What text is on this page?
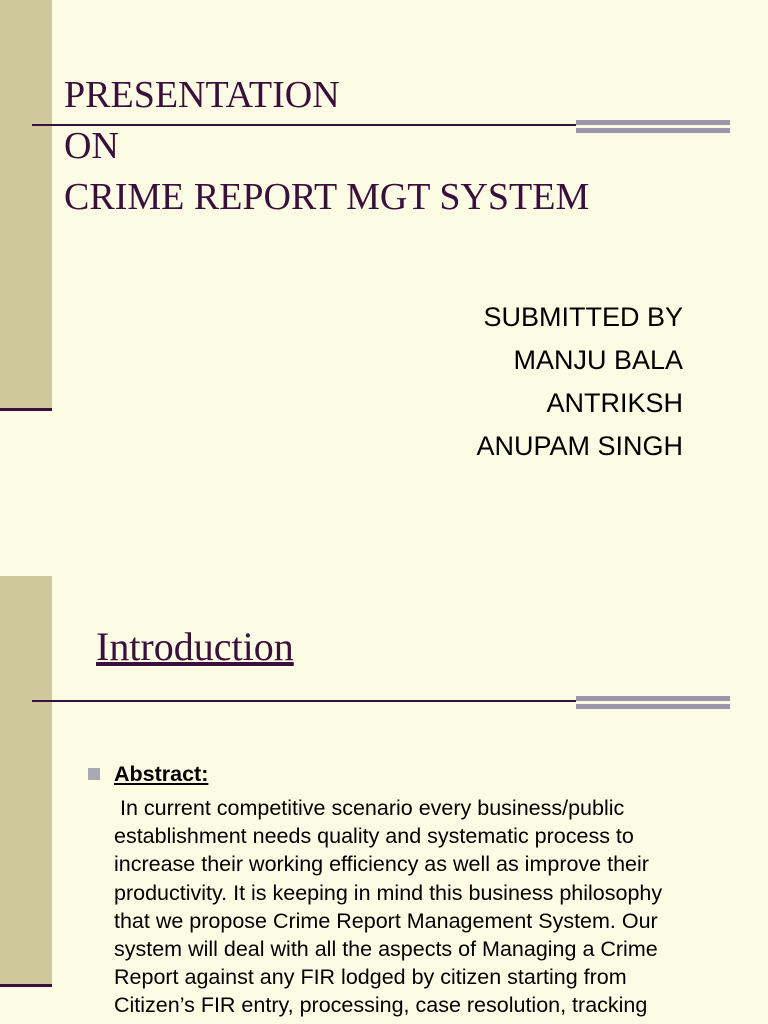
PRESENTATION
ON
CRIME REPORT MGT SYSTEM
SUBMITTED BY
MANJU BALA
ANTRIKSH
ANUPAM SINGH
Introduction
Abstract:
In current competitive scenario every business/public
establishment needs quality and systematic process to
increase their working efficiency as well as improve their
productivity. It is keeping in mind this business philosophy
that we propose Crime Report Management System. Our
system will deal with all the aspects of Managing a Crime
Report against any FIR lodged by citizen starting from
Citizen’s FIR entry, processing, case resolution, tracking
